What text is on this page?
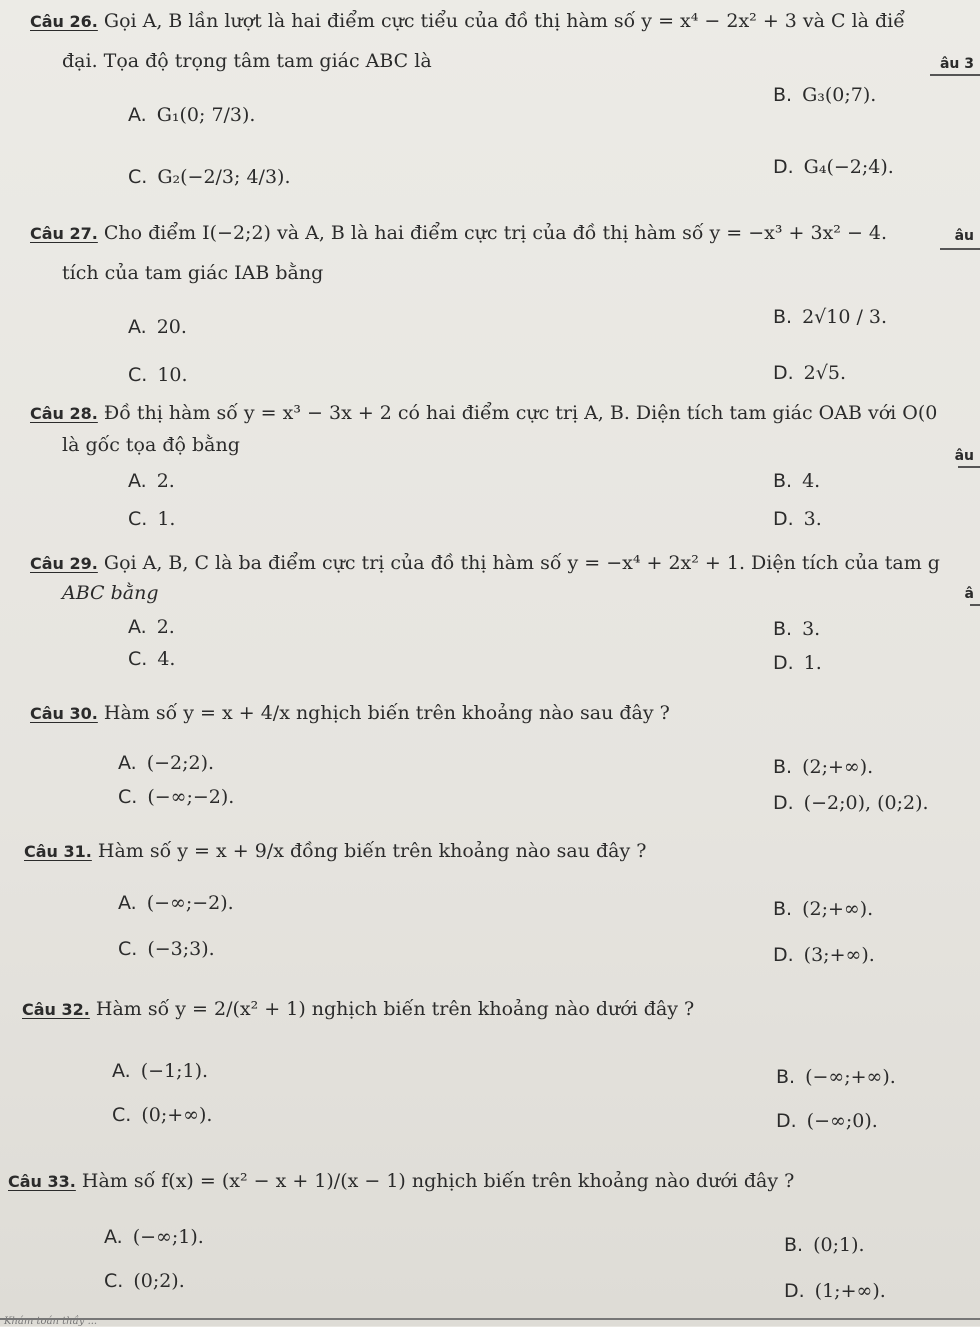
Câu 26. Gọi A, B lần lượt là hai điểm cực tiểu của đồ thị hàm số y = x⁴ − 2x² + 3 và C là điể
đại. Tọa độ trọng tâm tam giác ABC là	âu 3
A. G₁(0; 7/3).
B. G₃(0;7).
C. G₂(−2/3; 4/3).	D. G₄(−2;4).
Câu 27. Cho điểm I(−2;2) và A, B là hai điểm cực trị của đồ thị hàm số y = −x³ + 3x² − 4.	âu
tích của tam giác IAB bằng
A. 20.	B. 2√10 / 3.
C. 10.	D. 2√5.
Câu 28. Đồ thị hàm số y = x³ − 3x + 2 có hai điểm cực trị A, B. Diện tích tam giác OAB với O(0
là gốc tọa độ bằng	âu
A. 2.	B. 4.
C. 1.	D. 3.
Câu 29. Gọi A, B, C là ba điểm cực trị của đồ thị hàm số y = −x⁴ + 2x² + 1. Diện tích của tam g
ABC bằng	â
A. 2.	B. 3.
C. 4.	D. 1.
Câu 30. Hàm số y = x + 4/x nghịch biến trên khoảng nào sau đây ?
A. (−2;2).	B. (2;+∞).
C. (−∞;−2).	D. (−2;0), (0;2).
Câu 31. Hàm số y = x + 9/x đồng biến trên khoảng nào sau đây ?
A. (−∞;−2).	B. (2;+∞).
C. (−3;3).	D. (3;+∞).
Câu 32. Hàm số y = 2/(x² + 1) nghịch biến trên khoảng nào dưới đây ?
A. (−1;1).	B. (−∞;+∞).
C. (0;+∞).	D. (−∞;0).
Câu 33. Hàm số f(x) = (x² − x + 1)/(x − 1) nghịch biến trên khoảng nào dưới đây ?
A. (−∞;1).	B. (0;1).
C. (0;2).	D. (1;+∞).
Khám toán thầy ...
